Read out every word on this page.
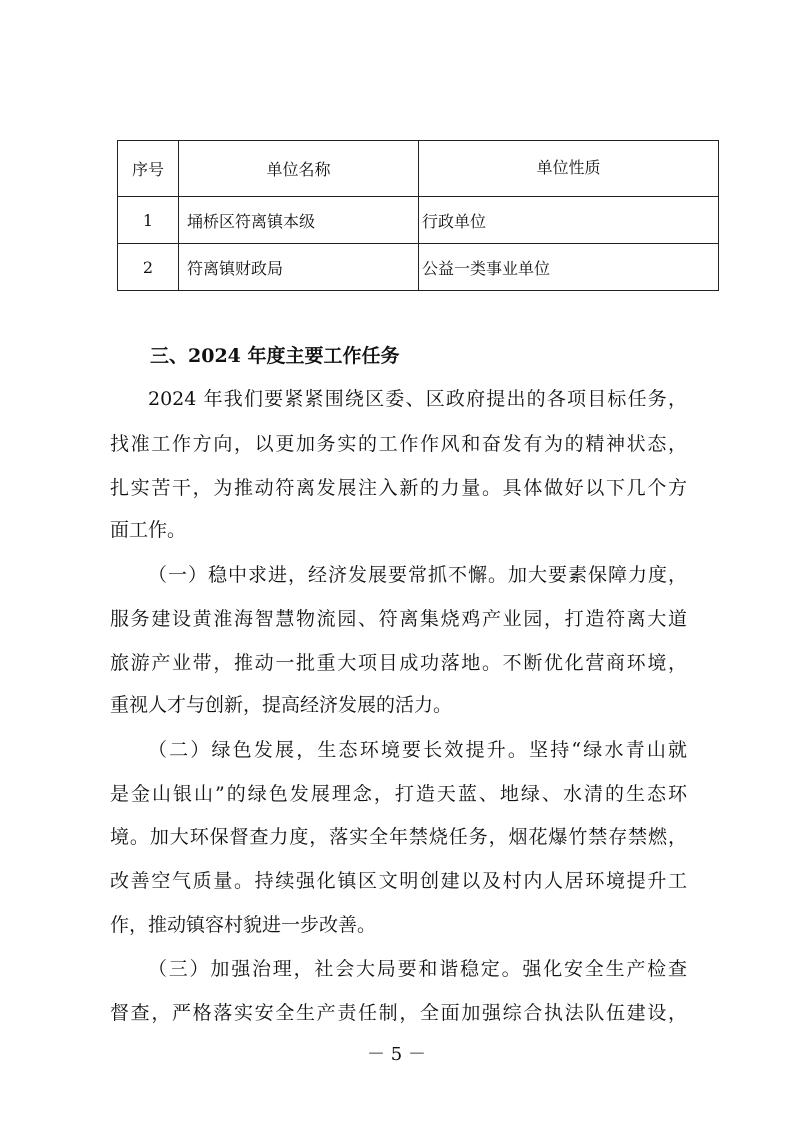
序号	单位名称	单位性质
1	埇桥区符离镇本级	行政单位
2	符离镇财政局	公益一类事业单位
三、2024 年度主要工作任务

2024 年我们要紧紧围绕区委、区政府提出的各项目标任务，

找准工作方向，以更加务实的工作作风和奋发有为的精神状态，

扎实苦干，为推动符离发展注入新的力量。具体做好以下几个方

面工作。

（一）稳中求进，经济发展要常抓不懈。加大要素保障力度，

服务建设黄淮海智慧物流园、符离集烧鸡产业园，打造符离大道

旅游产业带，推动一批重大项目成功落地。不断优化营商环境，

重视人才与创新，提高经济发展的活力。

（二）绿色发展，生态环境要长效提升。坚持“绿水青山就

是金山银山”的绿色发展理念，打造天蓝、地绿、水清的生态环

境。加大环保督查力度，落实全年禁烧任务，烟花爆竹禁存禁燃，

改善空气质量。持续强化镇区文明创建以及村内人居环境提升工

作，推动镇容村貌进一步改善。

（三）加强治理，社会大局要和谐稳定。强化安全生产检查

督查，严格落实安全生产责任制，全面加强综合执法队伍建设，

－ 5 －
